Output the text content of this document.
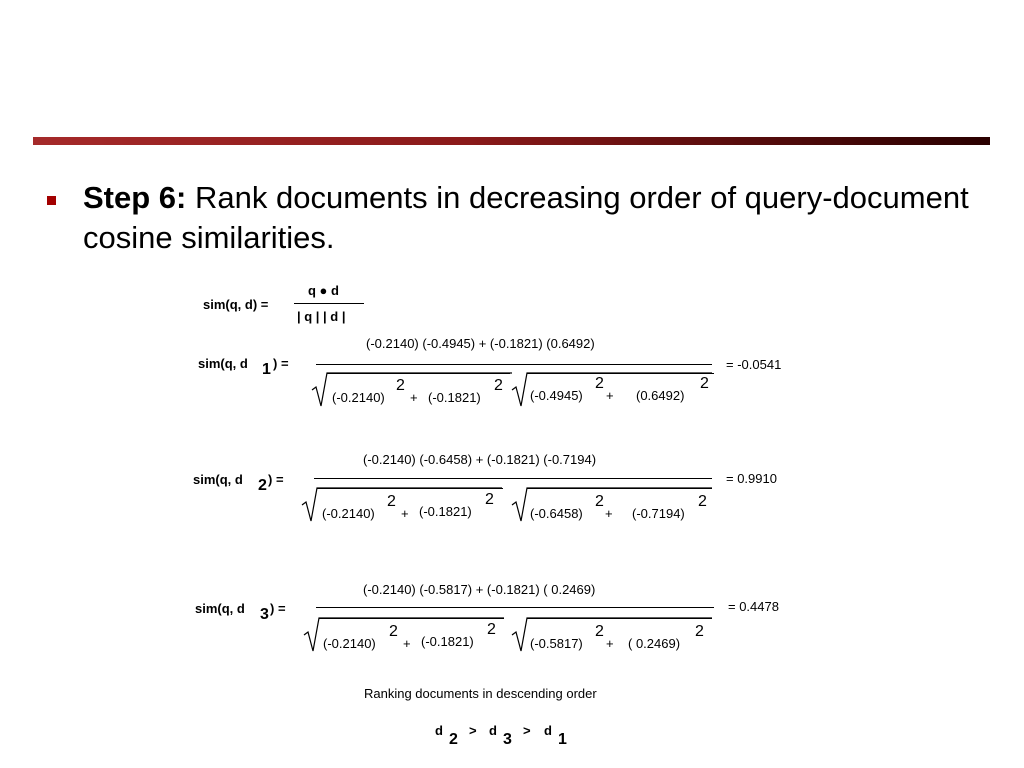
Step 6: Rank documents in decreasing order of query-document cosine similarities.
sim(q, d) =
q ● d
| q | | d |
sim(q, d 1 ) =
(-0.2140) (-0.4945) + (-0.1821) (0.6492)
(-0.2140)
2
+ (-0.1821)
2
(-0.4945)
2
+ (0.6492)
2
= -0.0541
sim(q, d 2 ) =
(-0.2140) (-0.6458) + (-0.1821) (-0.7194)
(-0.2140)
2
+ (-0.1821)
2
(-0.6458)
2
+ (-0.7194)
2
= 0.9910
sim(q, d 3 ) =
(-0.2140) (-0.5817) + (-0.1821) ( 0.2469)
(-0.2140)
2
+ (-0.1821)
2
(-0.5817)
2
+ ( 0.2469)
2
= 0.4478
Ranking documents in descending order
d
2
> d
3
> d
1
